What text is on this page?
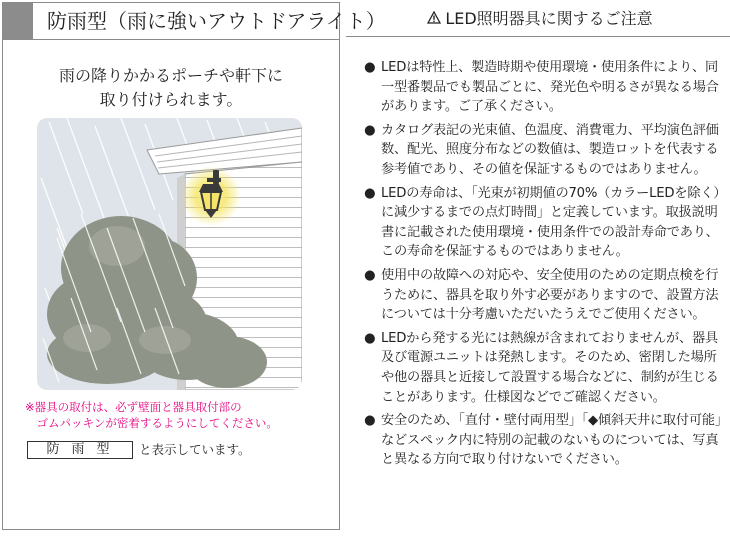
防雨型（雨に強いアウトドアライト）
雨の降りかかるポーチや軒下に
取り付けられます。
※器具の取付は、必ず壁面と器具取付部の
　ゴムパッキンが密着するようにしてください。
防雨型	と表示しています。
LED照明器具に関するご注意
● LEDは特性上、製造時期や使用環境・使用条件により、同一型番製品でも製品ごとに、発光色や明るさが異なる場合があります。ご了承ください。
● カタログ表記の光束値、色温度、消費電力、平均演色評価数、配光、照度分布などの数値は、製造ロットを代表する参考値であり、その値を保証するものではありません。
● LEDの寿命は、「光束が初期値の70%（カラーLEDを除く）に減少するまでの点灯時間」と定義しています。取扱説明書に記載された使用環境・使用条件での設計寿命であり、この寿命を保証するものではありません。
● 使用中の故障への対応や、安全使用のための定期点検を行うために、器具を取り外す必要がありますので、設置方法については十分考慮いただいたうえでご使用ください。
● LEDから発する光には熱線が含まれておりませんが、器具及び電源ユニットは発熱します。そのため、密閉した場所や他の器具と近接して設置する場合などに、制約が生じることがあります。仕様図などでご確認ください。
● 安全のため、「直付・壁付両用型」「◆傾斜天井に取付可能」などスペック内に特別の記載のないものについては、写真と異なる方向で取り付けないでください。
